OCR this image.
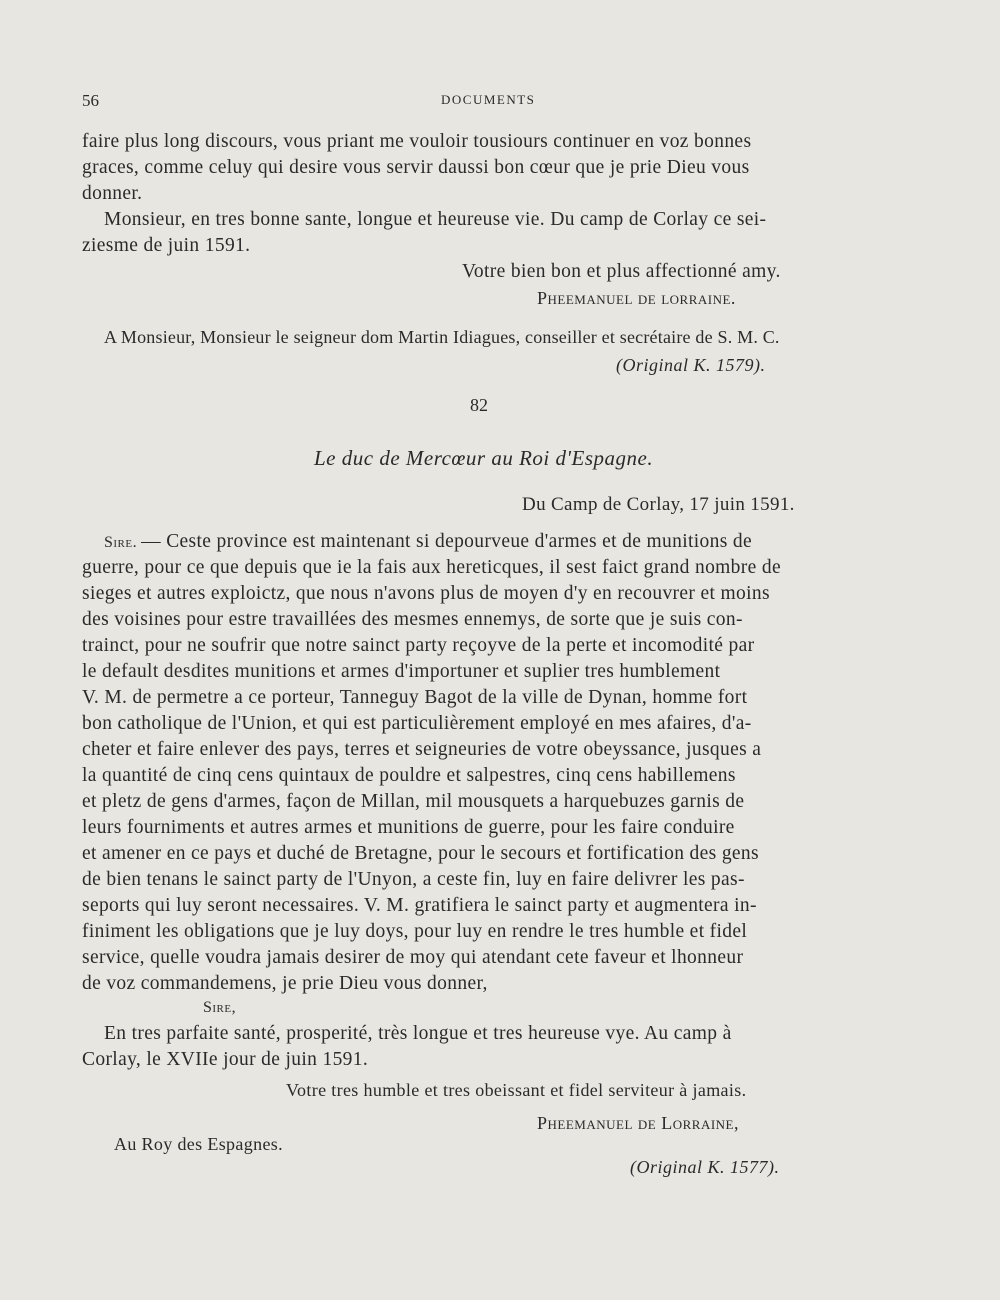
56	DOCUMENTS
faire plus long discours, vous priant me vouloir tousiours continuer en voz bonnes
graces, comme celuy qui desire vous servir daussi bon cœur que je prie Dieu vous
donner.
Monsieur, en tres bonne sante, longue et heureuse vie. Du camp de Corlay ce sei-
ziesme de juin 1591.
Votre bien bon et plus affectionné amy.
Pheemanuel de lorraine.
A Monsieur, Monsieur le seigneur dom Martin Idiagues, conseiller et secrétaire de S. M. C.
(Original K. 1579).
82
Le duc de Mercœur au Roi d'Espagne.
Du Camp de Corlay, 17 juin 1591.
Sire. — Ceste province est maintenant si depourveue d'armes et de munitions de
guerre, pour ce que depuis que ie la fais aux hereticques, il sest faict grand nombre de
sieges et autres exploictz, que nous n'avons plus de moyen d'y en recouvrer et moins
des voisines pour estre travaillées des mesmes ennemys, de sorte que je suis con-
trainct, pour ne soufrir que notre sainct party reçoyve de la perte et incomodité par
le default desdites munitions et armes d'importuner et suplier tres humblement
V. M. de permetre a ce porteur, Tanneguy Bagot de la ville de Dynan, homme fort
bon catholique de l'Union, et qui est particulièrement employé en mes afaires, d'a-
cheter et faire enlever des pays, terres et seigneuries de votre obeyssance, jusques a
la quantité de cinq cens quintaux de pouldre et salpestres, cinq cens habillemens
et pletz de gens d'armes, façon de Millan, mil mousquets a harquebuzes garnis de
leurs fourniments et autres armes et munitions de guerre, pour les faire conduire
et amener en ce pays et duché de Bretagne, pour le secours et fortification des gens
de bien tenans le sainct party de l'Unyon, a ceste fin, luy en faire delivrer les pas-
seports qui luy seront necessaires. V. M. gratifiera le sainct party et augmentera in-
finiment les obligations que je luy doys, pour luy en rendre le tres humble et fidel
service, quelle voudra jamais desirer de moy qui atendant cete faveur et lhonneur
de voz commandemens, je prie Dieu vous donner,
Sire,
En tres parfaite santé, prosperité, très longue et tres heureuse vye. Au camp à
Corlay, le XVIIe jour de juin 1591.
Votre tres humble et tres obeissant et fidel serviteur à jamais.
Pheemanuel de Lorraine,
Au Roy des Espagnes.
(Original K. 1577).
